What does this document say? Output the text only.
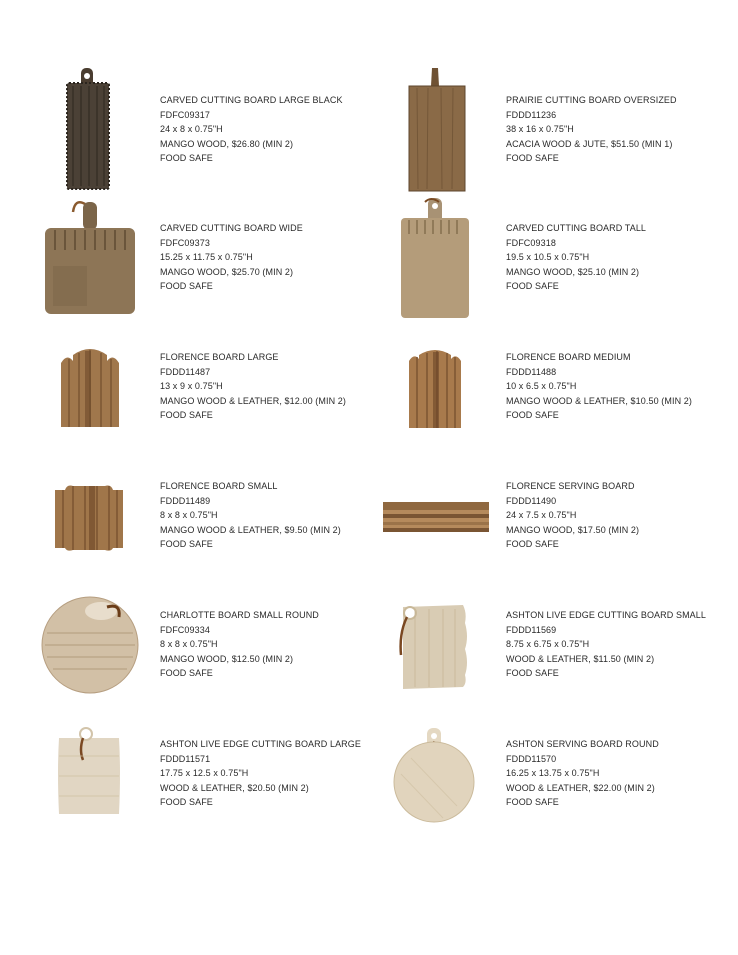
CARVED CUTTING BOARD LARGE BLACK
FDFC09317
24 x 8 x 0.75"H
MANGO WOOD, $26.80 (MIN 2)
FOOD SAFE
PRAIRIE CUTTING BOARD OVERSIZED
FDDD11236
38 x 16 x 0.75"H
ACACIA WOOD & JUTE, $51.50 (MIN 1)
FOOD SAFE
CARVED CUTTING BOARD WIDE
FDFC09373
15.25 x 11.75 x 0.75"H
MANGO WOOD, $25.70 (MIN 2)
FOOD SAFE
CARVED CUTTING BOARD TALL
FDFC09318
19.5 x 10.5 x 0.75"H
MANGO WOOD, $25.10 (MIN 2)
FOOD SAFE
FLORENCE BOARD LARGE
FDDD11487
13 x 9 x 0.75"H
MANGO WOOD & LEATHER, $12.00 (MIN 2)
FOOD SAFE
FLORENCE BOARD MEDIUM
FDDD11488
10 x 6.5 x 0.75"H
MANGO WOOD & LEATHER, $10.50 (MIN 2)
FOOD SAFE
FLORENCE BOARD SMALL
FDDD11489
8 x 8 x 0.75"H
MANGO WOOD & LEATHER, $9.50 (MIN 2)
FOOD SAFE
FLORENCE SERVING BOARD
FDDD11490
24 x 7.5 x 0.75"H
MANGO WOOD, $17.50 (MIN 2)
FOOD SAFE
CHARLOTTE BOARD SMALL ROUND
FDFC09334
8 x 8 x 0.75"H
MANGO WOOD, $12.50 (MIN 2)
FOOD SAFE
ASHTON LIVE EDGE CUTTING BOARD SMALL
FDDD11569
8.75 x 6.75 x 0.75"H
WOOD & LEATHER, $11.50 (MIN 2)
FOOD SAFE
ASHTON LIVE EDGE CUTTING BOARD LARGE
FDDD11571
17.75 x 12.5 x 0.75"H
WOOD & LEATHER, $20.50 (MIN 2)
FOOD SAFE
ASHTON SERVING BOARD ROUND
FDDD11570
16.25 x 13.75 x 0.75"H
WOOD & LEATHER, $22.00 (MIN 2)
FOOD SAFE
